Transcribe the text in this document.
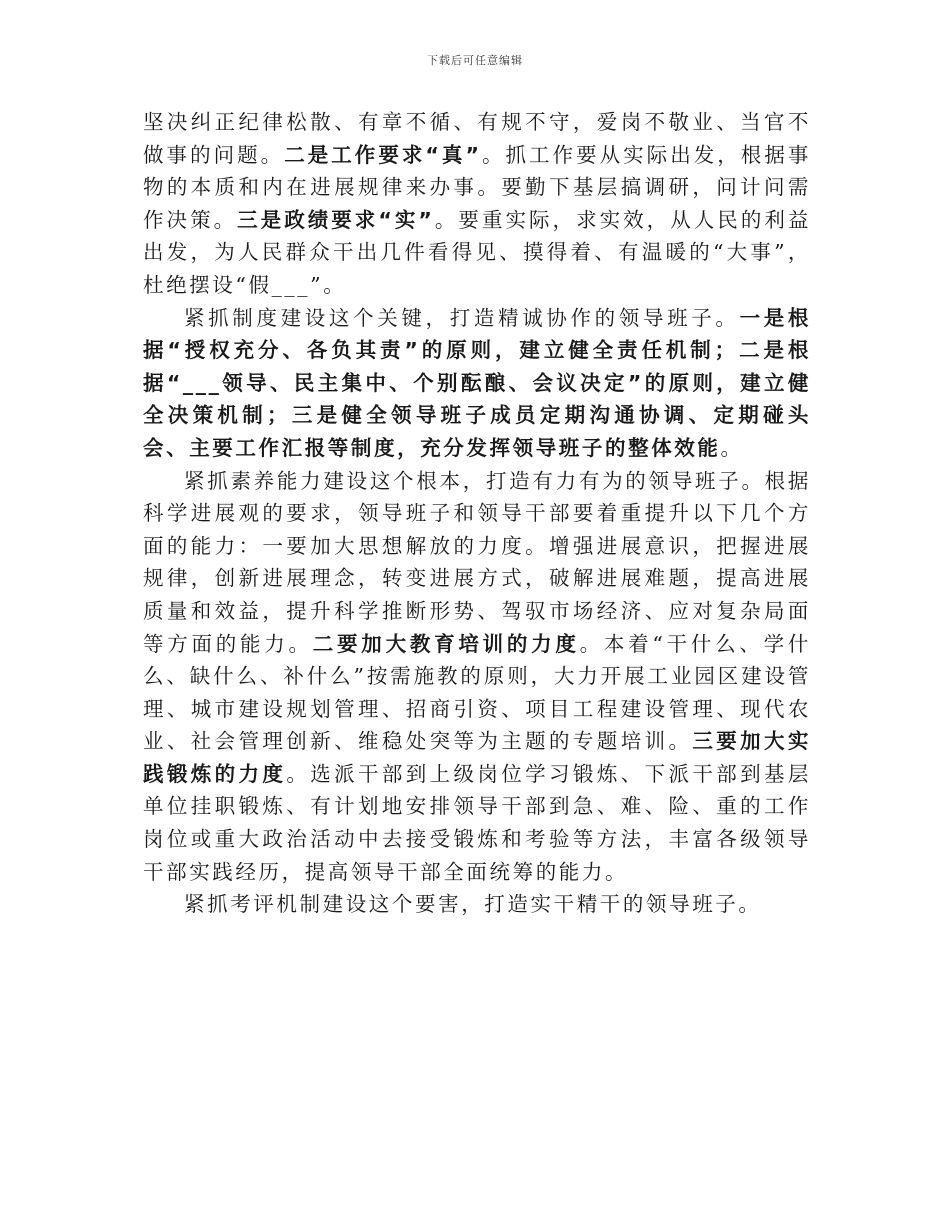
下载后可任意编辑

坚决纠正纪律松散、有章不循、有规不守，爱岗不敬业、当官不做事的问题。二是工作要求“真”。抓工作要从实际出发，根据事物的本质和内在进展规律来办事。要勤下基层搞调研，问计问需作决策。三是政绩要求“实”。要重实际，求实效，从人民的利益出发，为人民群众干出几件看得见、摸得着、有温暖的“大事”，杜绝摆设“假___”。

紧抓制度建设这个关键，打造精诚协作的领导班子。一是根据“授权充分、各负其责”的原则，建立健全责任机制；二是根据“___领导、民主集中、个别酝酿、会议决定”的原则，建立健全决策机制；三是健全领导班子成员定期沟通协调、定期碰头会、主要工作汇报等制度，充分发挥领导班子的整体效能。

紧抓素养能力建设这个根本，打造有力有为的领导班子。根据科学进展观的要求，领导班子和领导干部要着重提升以下几个方面的能力：一要加大思想解放的力度。增强进展意识，把握进展规律，创新进展理念，转变进展方式，破解进展难题，提高进展质量和效益，提升科学推断形势、驾驭市场经济、应对复杂局面等方面的能力。二要加大教育培训的力度。本着“干什么、学什么、缺什么、补什么”按需施教的原则，大力开展工业园区建设管理、城市建设规划管理、招商引资、项目工程建设管理、现代农业、社会管理创新、维稳处突等为主题的专题培训。三要加大实践锻炼的力度。选派干部到上级岗位学习锻炼、下派干部到基层单位挂职锻炼、有计划地安排领导干部到急、难、险、重的工作岗位或重大政治活动中去接受锻炼和考验等方法，丰富各级领导干部实践经历，提高领导干部全面统筹的能力。

紧抓考评机制建设这个要害，打造实干精干的领导班子。
